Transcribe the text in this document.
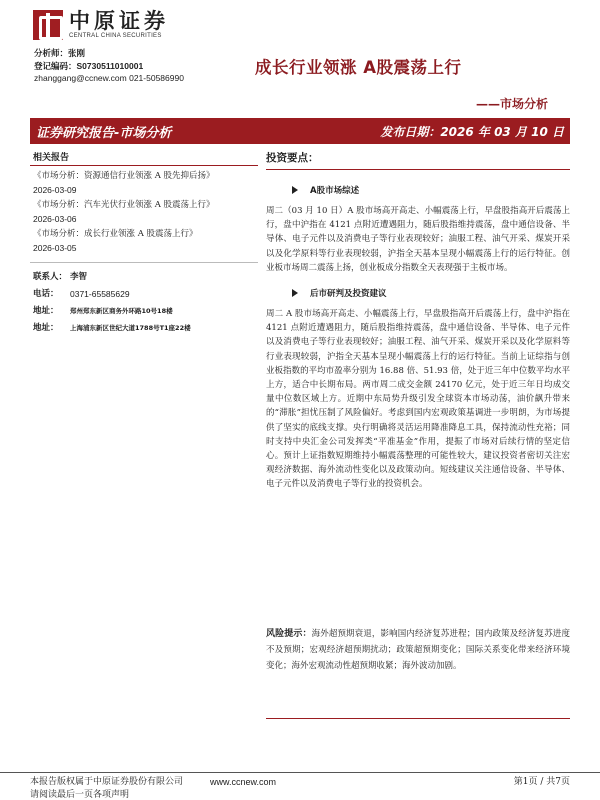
中原证券
CENTRAL CHINA SECURITIES
分析师：张刚
登记编码：S0730511010001
zhanggang@ccnew.com 021-50586990
成长行业领涨 A股震荡上行
——市场分析
证券研究报告-市场分析	发布日期：2026 年 03 月 10 日
相关报告
《市场分析：资源通信行业领涨 A 股先抑后扬》
2026-03-09
《市场分析：汽车光伏行业领涨 A 股震荡上行》
2026-03-06
《市场分析：成长行业领涨 A 股震荡上行》
2026-03-05
联系人： 李智
电话：	0371-65585629
地址：	郑州郑东新区商务外环路10号18楼
地址：	上海浦东新区世纪大道1788号T1座22楼
投资要点：
A股市场综述
周二（03 月 10 日）A 股市场高开高走、小幅震荡上行，早盘股指高开后震荡上行，盘中沪指在 4121 点附近遭遇阻力，随后股指维持震荡，盘中通信设备、半导体、电子元件以及消费电子等行业表现较好；油服工程、油气开采、煤炭开采以及化学原料等行业表现较弱，沪指全天基本呈现小幅震荡上行的运行特征。创业板市场周二震荡上扬，创业板成分指数全天表现强于主板市场。
后市研判及投资建议
周二 A 股市场高开高走、小幅震荡上行，早盘股指高开后震荡上行，盘中沪指在 4121 点附近遭遇阻力，随后股指维持震荡，盘中通信设备、半导体、电子元件以及消费电子等行业表现较好；油服工程、油气开采、煤炭开采以及化学原料等行业表现较弱，沪指全天基本呈现小幅震荡上行的运行特征。当前上证综指与创业板指数的平均市盈率分别为 16.88 倍、51.93 倍，处于近三年中位数平均水平上方，适合中长期布局。两市周二成交金额 24170 亿元，处于近三年日均成交量中位数区域上方。近期中东局势升级引发全球资本市场动荡，油价飙升带来的“滞胀”担忧压制了风险偏好。考虑到国内宏观政策基调进一步明朗，为市场提供了坚实的底线支撑。央行明确将灵活运用降准降息工具，保持流动性充裕；同时支持中央汇金公司发挥类“平准基金”作用，提振了市场对后续行情的坚定信心。预计上证指数短期维持小幅震荡整理的可能性较大，建议投资者密切关注宏观经济数据、海外流动性变化以及政策动向。短线建议关注通信设备、半导体、电子元件以及消费电子等行业的投资机会。
风险提示：海外超预期衰退，影响国内经济复苏进程；国内政策及经济复苏进度不及预期；宏观经济超预期扰动；政策超预期变化；国际关系变化带来经济环境变化；海外宏观流动性超预期收紧；海外波动加剧。
本报告版权属于中原证券股份有限公司	第1页 / 共7页
www.ccnew.com
请阅读最后一页各项声明
